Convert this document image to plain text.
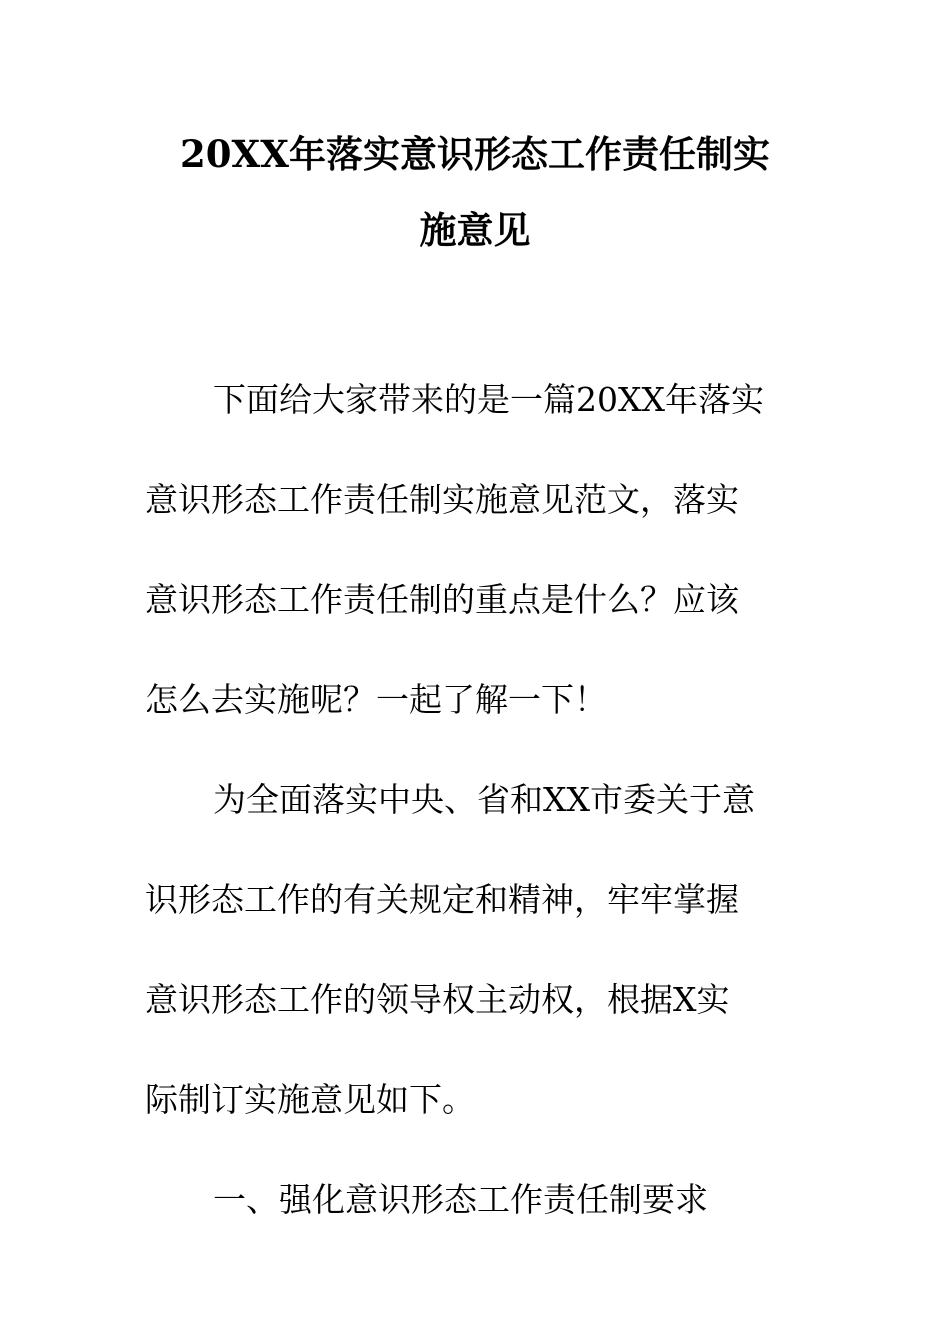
20XX年落实意识形态工作责任制实
施意见
下面给大家带来的是一篇20XX年落实
意识形态工作责任制实施意见范文，落实
意识形态工作责任制的重点是什么？应该
怎么去实施呢？一起了解一下！
为全面落实中央、省和XX市委关于意
识形态工作的有关规定和精神，牢牢掌握
意识形态工作的领导权主动权，根据X实
际制订实施意见如下。
一、强化意识形态工作责任制要求
